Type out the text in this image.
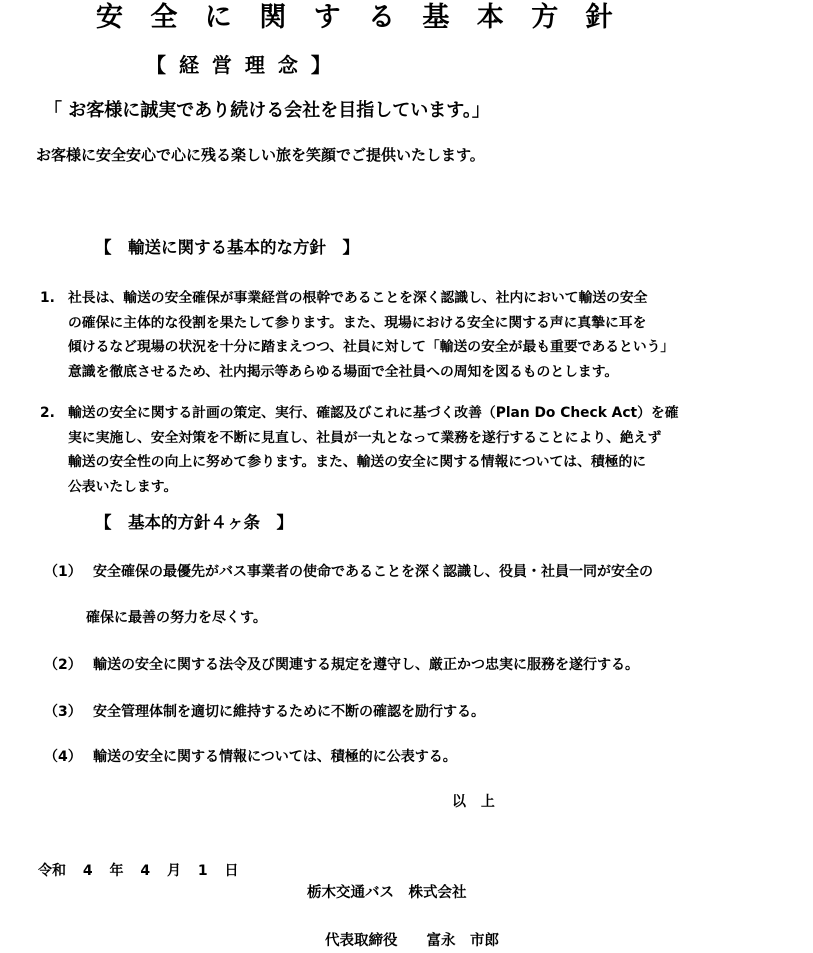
安 全 に 関 す る 基 本 方 針
【 経 営 理 念 】
「 お客様に誠実であり続ける会社を目指しています。」
お客様に安全安心で心に残る楽しい旅を笑顔でご提供いたします。
【　輸送に関する基本的な方針　】
1. 社長は、輸送の安全確保が事業経営の根幹であることを深く認識し、社内において輸送の安全
の確保に主体的な役割を果たして参ります。また、現場における安全に関する声に真摯に耳を
傾けるなど現場の状況を十分に踏まえつつ、社員に対して「輸送の安全が最も重要であるという」
意識を徹底させるため、社内掲示等あらゆる場面で全社員への周知を図るものとします。
2. 輸送の安全に関する計画の策定、実行、確認及びこれに基づく改善（Plan Do Check Act）を確
実に実施し、安全対策を不断に見直し、社員が一丸となって業務を遂行することにより、絶えず
輸送の安全性の向上に努めて参ります。また、輸送の安全に関する情報については、積極的に
公表いたします。
【　基本的方針４ヶ条　】
（1） 安全確保の最優先がバス事業者の使命であることを深く認識し、役員・社員一同が安全の
確保に最善の努力を尽くす。
（2） 輸送の安全に関する法令及び関連する規定を遵守し、厳正かつ忠実に服務を遂行する。
（3） 安全管理体制を適切に維持するために不断の確認を励行する。
（4） 輸送の安全に関する情報については、積極的に公表する。
以 上
令和 4 年 4 月 1 日
栃木交通バス　株式会社
代表取締役　　富永　市郎
